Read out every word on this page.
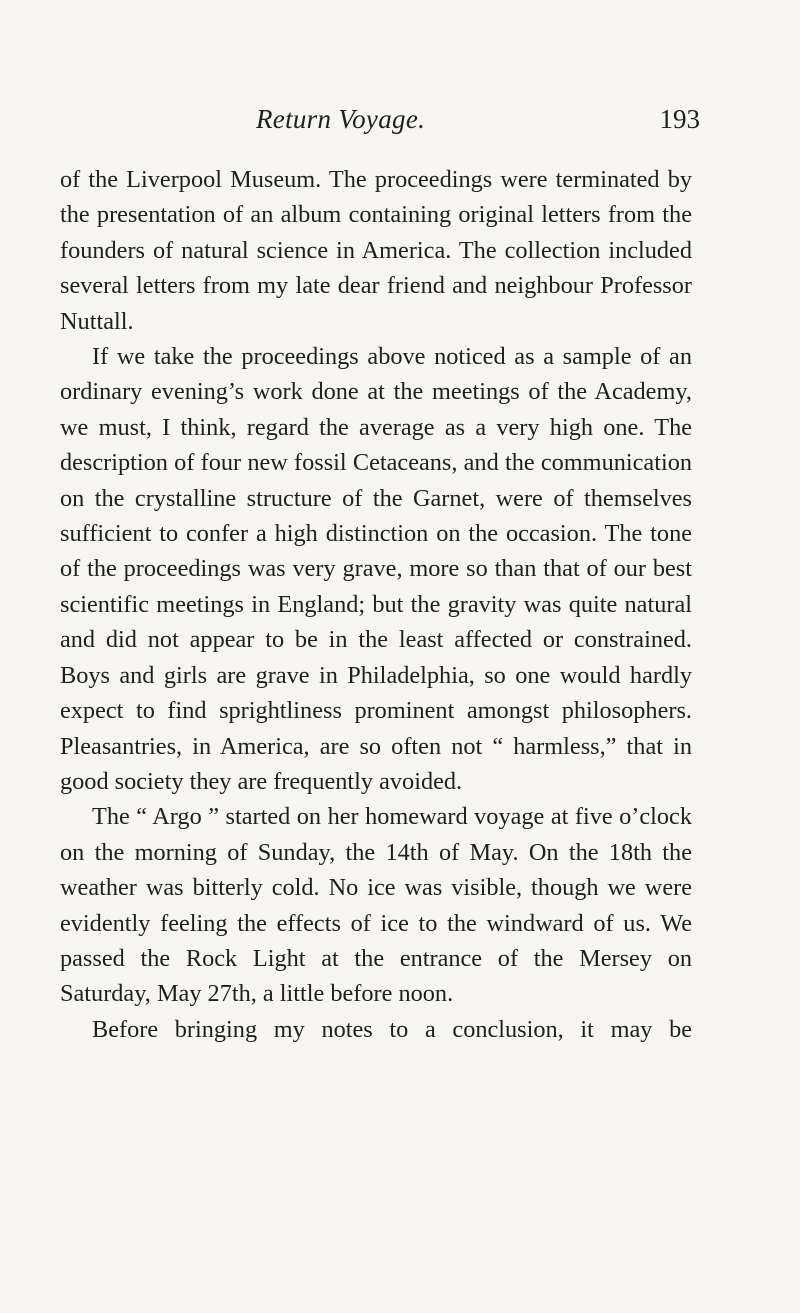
Return Voyage.	193

of the Liverpool Museum. The proceedings were terminated by the presentation of an album containing original letters from the founders of natural science in America. The collection included several letters from my late dear friend and neighbour Professor Nuttall.

If we take the proceedings above noticed as a sample of an ordinary evening’s work done at the meetings of the Academy, we must, I think, regard the average as a very high one. The description of four new fossil Cetaceans, and the communication on the crystalline structure of the Garnet, were of themselves sufficient to confer a high distinction on the occasion. The tone of the proceedings was very grave, more so than that of our best scientific meetings in England; but the gravity was quite natural and did not appear to be in the least affected or constrained. Boys and girls are grave in Philadelphia, so one would hardly expect to find sprightliness prominent amongst philosophers. Pleasantries, in America, are so often not “ harmless,” that in good society they are frequently avoided.

The “ Argo ” started on her homeward voyage at five o’clock on the morning of Sunday, the 14th of May. On the 18th the weather was bitterly cold. No ice was visible, though we were evidently feeling the effects of ice to the windward of us. We passed the Rock Light at the entrance of the Mersey on Saturday, May 27th, a little before noon.

Before bringing my notes to a conclusion, it may be
